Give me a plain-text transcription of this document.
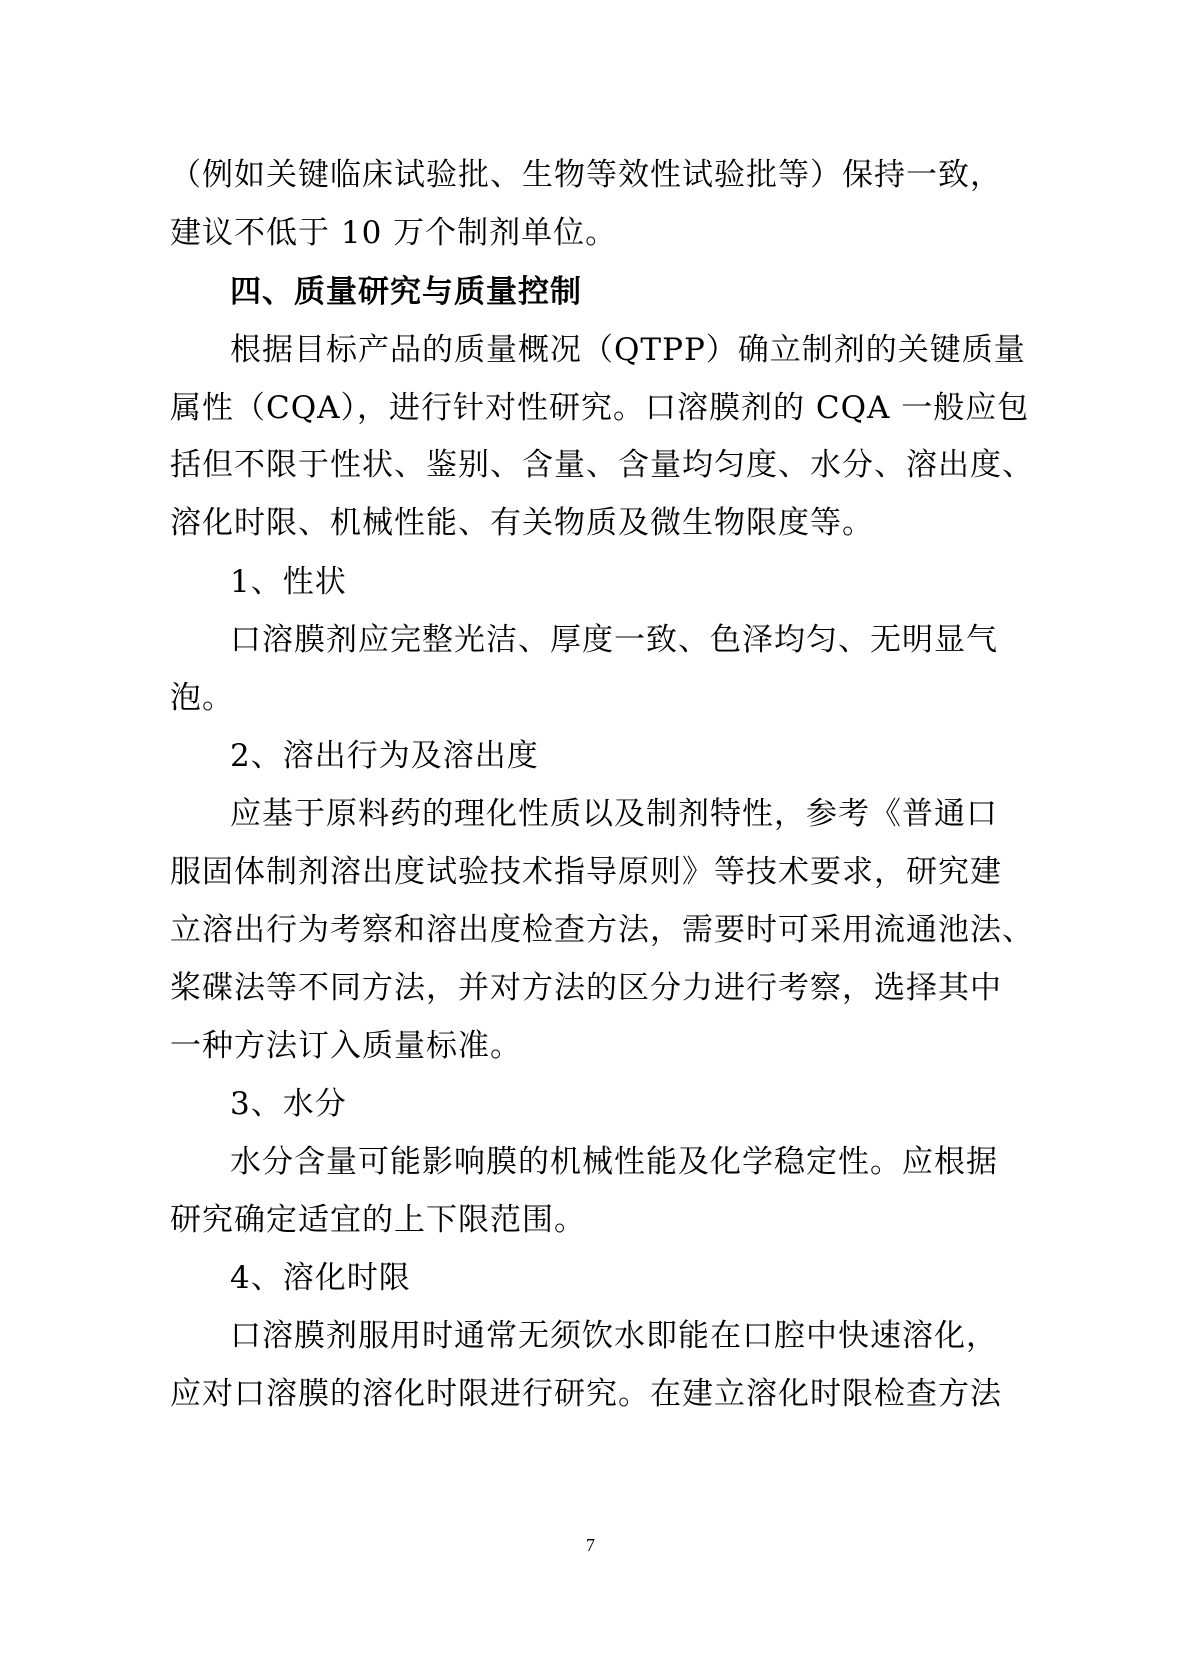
（例如关键临床试验批、生物等效性试验批等）保持一致，
建议不低于 10 万个制剂单位。
四、质量研究与质量控制
根据目标产品的质量概况（QTPP）确立制剂的关键质量
属性（CQA），进行针对性研究。口溶膜剂的 CQA 一般应包
括但不限于性状、鉴别、含量、含量均匀度、水分、溶出度、
溶化时限、机械性能、有关物质及微生物限度等。
1、性状
口溶膜剂应完整光洁、厚度一致、色泽均匀、无明显气
泡。
2、溶出行为及溶出度
应基于原料药的理化性质以及制剂特性，参考《普通口
服固体制剂溶出度试验技术指导原则》等技术要求，研究建
立溶出行为考察和溶出度检查方法，需要时可采用流通池法、
桨碟法等不同方法，并对方法的区分力进行考察，选择其中
一种方法订入质量标准。
3、水分
水分含量可能影响膜的机械性能及化学稳定性。应根据
研究确定适宜的上下限范围。
4、溶化时限
口溶膜剂服用时通常无须饮水即能在口腔中快速溶化，
应对口溶膜的溶化时限进行研究。在建立溶化时限检查方法
7
